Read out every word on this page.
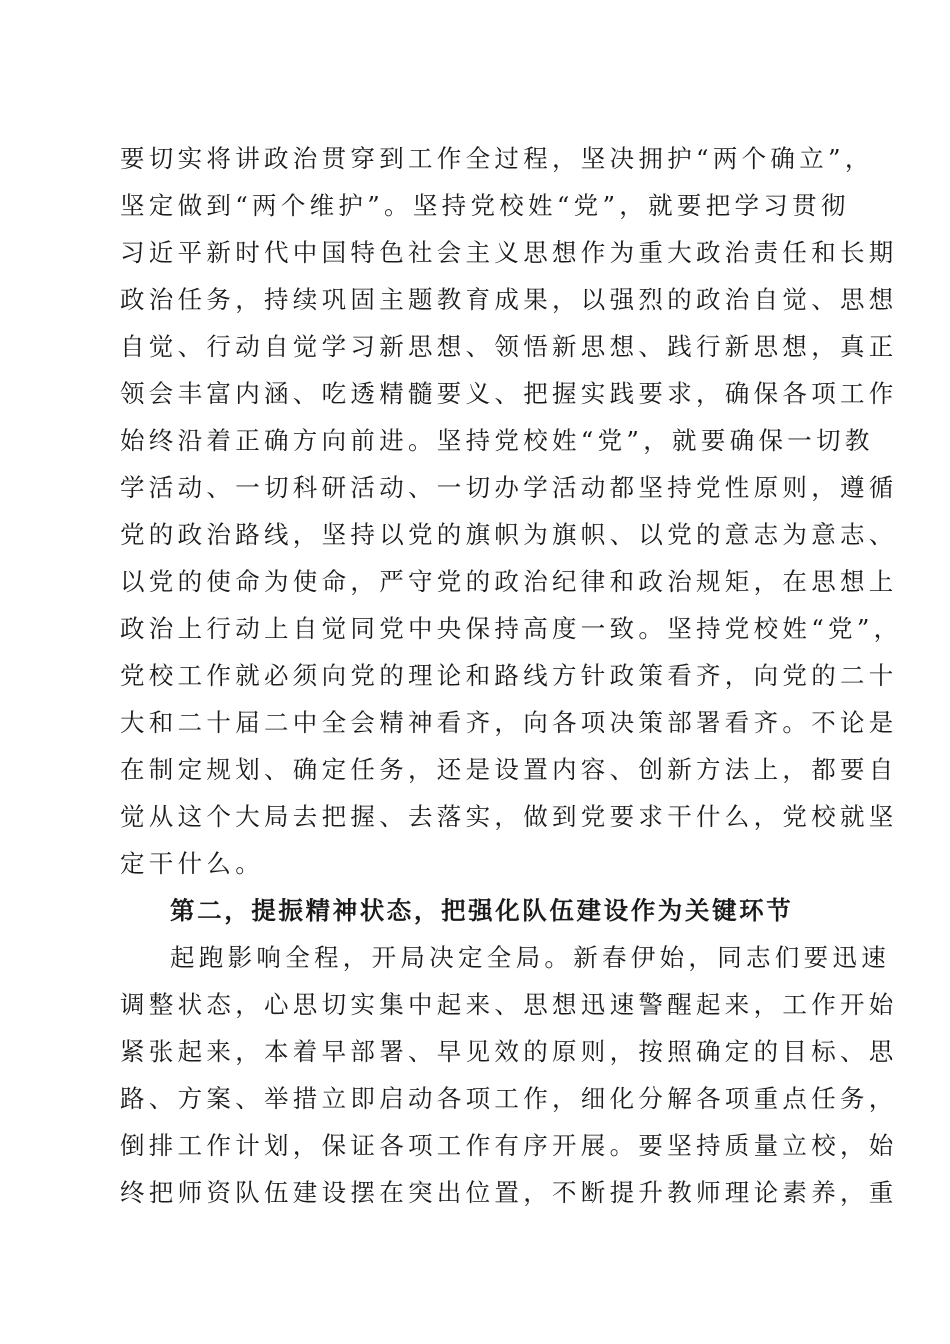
要切实将讲政治贯穿到工作全过程，坚决拥护“两个确立”，
坚定做到“两个维护”。坚持党校姓“党”，就要把学习贯彻
习近平新时代中国特色社会主义思想作为重大政治责任和长期
政治任务，持续巩固主题教育成果，以强烈的政治自觉、思想
自觉、行动自觉学习新思想、领悟新思想、践行新思想，真正
领会丰富内涵、吃透精髓要义、把握实践要求，确保各项工作
始终沿着正确方向前进。坚持党校姓“党”，就要确保一切教
学活动、一切科研活动、一切办学活动都坚持党性原则，遵循
党的政治路线，坚持以党的旗帜为旗帜、以党的意志为意志、
以党的使命为使命，严守党的政治纪律和政治规矩，在思想上
政治上行动上自觉同党中央保持高度一致。坚持党校姓“党”，
党校工作就必须向党的理论和路线方针政策看齐，向党的二十
大和二十届二中全会精神看齐，向各项决策部署看齐。不论是
在制定规划、确定任务，还是设置内容、创新方法上，都要自
觉从这个大局去把握、去落实，做到党要求干什么，党校就坚
定干什么。
第二，提振精神状态，把强化队伍建设作为关键环节
起跑影响全程，开局决定全局。新春伊始，同志们要迅速
调整状态，心思切实集中起来、思想迅速警醒起来，工作开始
紧张起来，本着早部署、早见效的原则，按照确定的目标、思
路、方案、举措立即启动各项工作，细化分解各项重点任务，
倒排工作计划，保证各项工作有序开展。要坚持质量立校，始
终把师资队伍建设摆在突出位置，不断提升教师理论素养，重
